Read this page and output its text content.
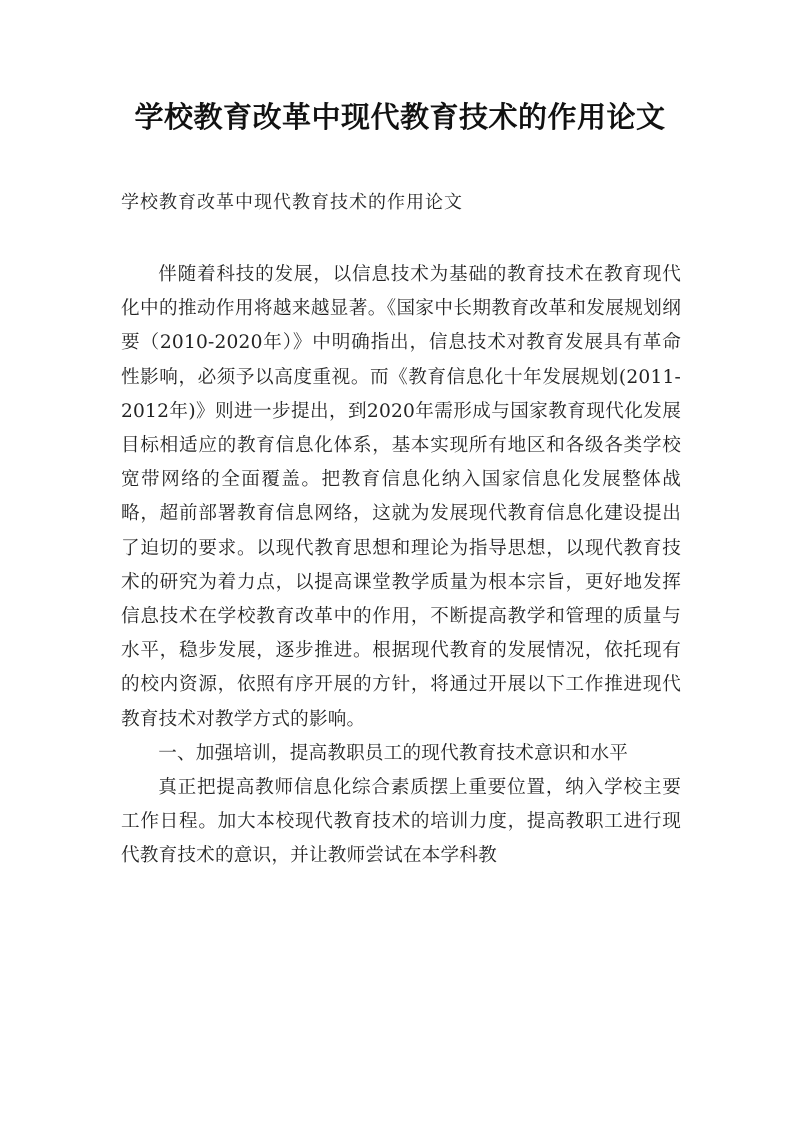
学校教育改革中现代教育技术的作用论文
学校教育改革中现代教育技术的作用论文

伴随着科技的发展，以信息技术为基础的教育技术在教育现代化中的推动作用将越来越显著。《国家中长期教育改革和发展规划纲要（2010-2020年）》中明确指出，信息技术对教育发展具有革命性影响，必须予以高度重视。而《教育信息化十年发展规划(2011-2012年)》则进一步提出，到2020年需形成与国家教育现代化发展目标相适应的教育信息化体系，基本实现所有地区和各级各类学校宽带网络的全面覆盖。把教育信息化纳入国家信息化发展整体战略，超前部署教育信息网络，这就为发展现代教育信息化建设提出了迫切的要求。以现代教育思想和理论为指导思想，以现代教育技术的研究为着力点，以提高课堂教学质量为根本宗旨，更好地发挥信息技术在学校教育改革中的作用，不断提高教学和管理的质量与水平，稳步发展，逐步推进。根据现代教育的发展情况，依托现有的校内资源，依照有序开展的方针，将通过开展以下工作推进现代教育技术对教学方式的影响。

一、加强培训，提高教职员工的现代教育技术意识和水平

真正把提高教师信息化综合素质摆上重要位置，纳入学校主要工作日程。加大本校现代教育技术的培训力度，提高教职工进行现代教育技术的意识，并让教师尝试在本学科教
